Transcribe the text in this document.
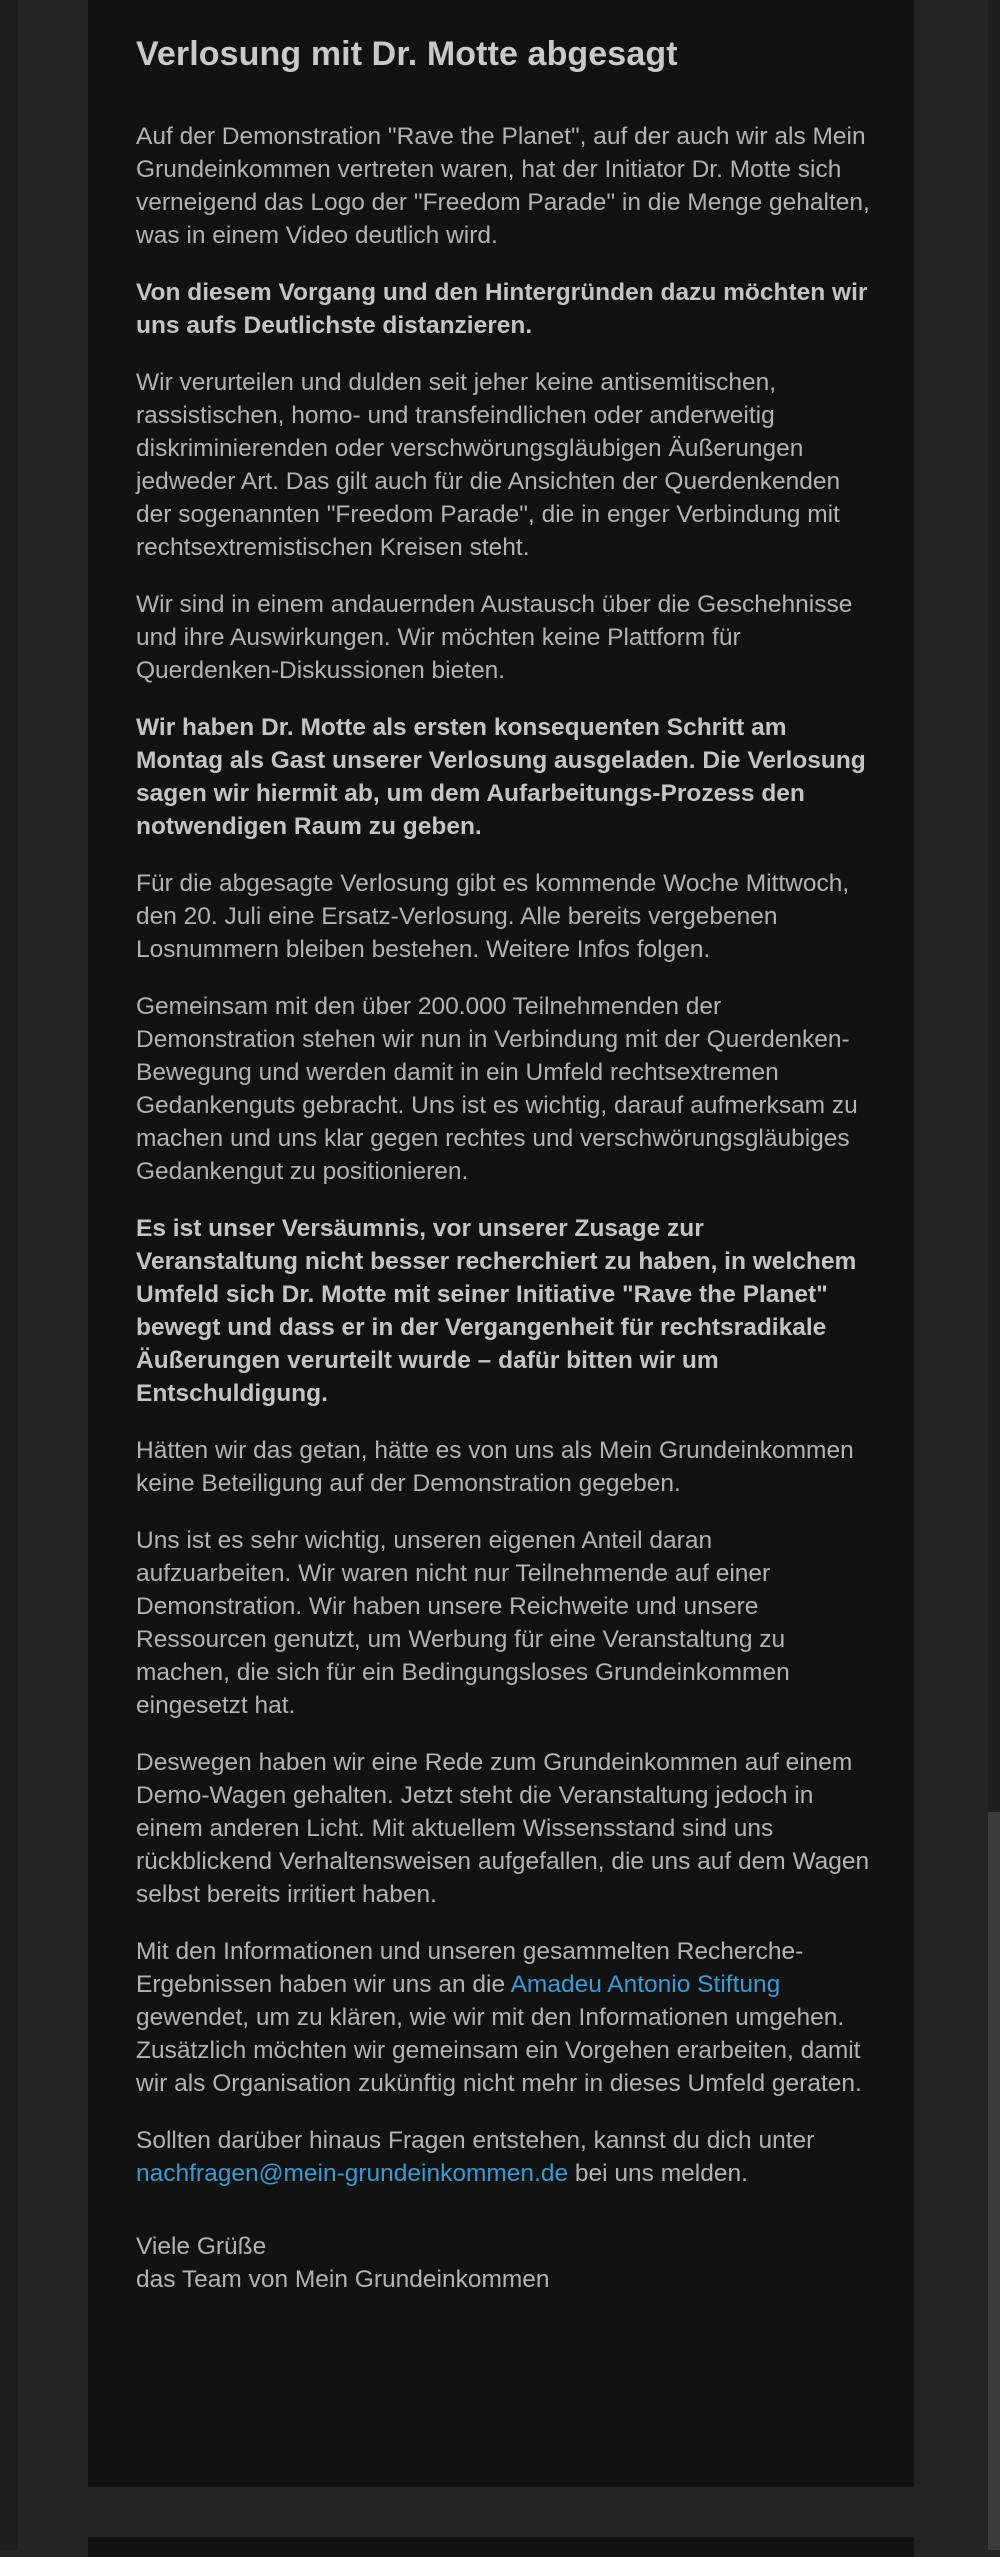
Verlosung mit Dr. Motte abgesagt

Auf der Demonstration "Rave the Planet", auf der auch wir als Mein Grundeinkommen vertreten waren, hat der Initiator Dr. Motte sich verneigend das Logo der "Freedom Parade" in die Menge gehalten, was in einem Video deutlich wird.

Von diesem Vorgang und den Hintergründen dazu möchten wir uns aufs Deutlichste distanzieren.

Wir verurteilen und dulden seit jeher keine antisemitischen, rassistischen, homo- und transfeindlichen oder anderweitig diskriminierenden oder verschwörungsgläubigen Äußerungen jedweder Art. Das gilt auch für die Ansichten der Querdenkenden der sogenannten "Freedom Parade", die in enger Verbindung mit rechtsextremistischen Kreisen steht.

Wir sind in einem andauernden Austausch über die Geschehnisse und ihre Auswirkungen. Wir möchten keine Plattform für Querdenken-Diskussionen bieten.

Wir haben Dr. Motte als ersten konsequenten Schritt am Montag als Gast unserer Verlosung ausgeladen. Die Verlosung sagen wir hiermit ab, um dem Aufarbeitungs-Prozess den notwendigen Raum zu geben.

Für die abgesagte Verlosung gibt es kommende Woche Mittwoch, den 20. Juli eine Ersatz-Verlosung. Alle bereits vergebenen Losnummern bleiben bestehen. Weitere Infos folgen.

Gemeinsam mit den über 200.000 Teilnehmenden der Demonstration stehen wir nun in Verbindung mit der Querdenken-Bewegung und werden damit in ein Umfeld rechtsextremen Gedankenguts gebracht. Uns ist es wichtig, darauf aufmerksam zu machen und uns klar gegen rechtes und verschwörungsgläubiges Gedankengut zu positionieren.

Es ist unser Versäumnis, vor unserer Zusage zur Veranstaltung nicht besser recherchiert zu haben, in welchem Umfeld sich Dr. Motte mit seiner Initiative "Rave the Planet" bewegt und dass er in der Vergangenheit für rechtsradikale Äußerungen verurteilt wurde – dafür bitten wir um Entschuldigung.

Hätten wir das getan, hätte es von uns als Mein Grundeinkommen keine Beteiligung auf der Demonstration gegeben.

Uns ist es sehr wichtig, unseren eigenen Anteil daran aufzuarbeiten. Wir waren nicht nur Teilnehmende auf einer Demonstration. Wir haben unsere Reichweite und unsere Ressourcen genutzt, um Werbung für eine Veranstaltung zu machen, die sich für ein Bedingungsloses Grundeinkommen eingesetzt hat.

Deswegen haben wir eine Rede zum Grundeinkommen auf einem Demo-Wagen gehalten. Jetzt steht die Veranstaltung jedoch in einem anderen Licht. Mit aktuellem Wissensstand sind uns rückblickend Verhaltensweisen aufgefallen, die uns auf dem Wagen selbst bereits irritiert haben.

Mit den Informationen und unseren gesammelten Recherche-Ergebnissen haben wir uns an die Amadeu Antonio Stiftung gewendet, um zu klären, wie wir mit den Informationen umgehen. Zusätzlich möchten wir gemeinsam ein Vorgehen erarbeiten, damit wir als Organisation zukünftig nicht mehr in dieses Umfeld geraten.

Sollten darüber hinaus Fragen entstehen, kannst du dich unter nachfragen@mein-grundeinkommen.de bei uns melden.

Viele Grüße
das Team von Mein Grundeinkommen
